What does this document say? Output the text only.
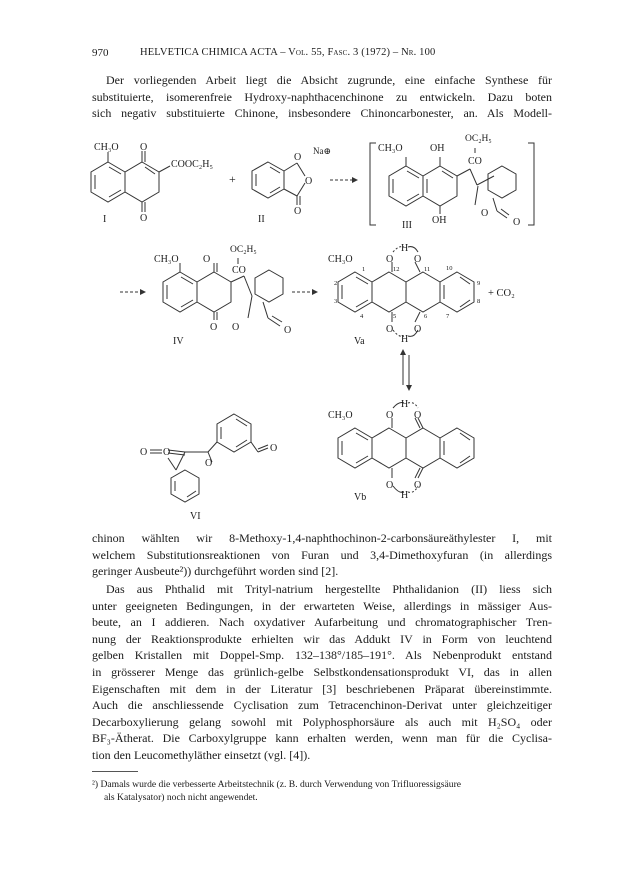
970	HELVETICA CHIMICA ACTA – Vol. 55, Fasc. 3 (1972) – Nr. 100
Der vorliegenden Arbeit liegt die Absicht zugrunde, eine einfache Synthese für
substituierte, isomerenfreie Hydroxy-naphthacenchinone zu entwickeln. Dazu boten
sich negativ substituierte Chinone, insbesondere Chinoncarbonester, an. Als Modell-
CH₃O O
COOC₂H₅
O
I
+
O
Na⊕
O
O
II
CH₃O	OH
OC₂H₅
CO
OH
O
O
III
CH₃O O
OC₂H₅
CO
O O	O
IV
CH₃O	O
H
O
O O
H
+ CO₂
Va
1	12	11 10
2
3
4	5	6	7
8
9
CH₃O	O
H
O
O O
H
Vb
O
O
O
O
VI
chinon wählten wir 8-Methoxy-1,4-naphthochinon-2-carbonsäureäthylester I, mit
welchem Substitutionsreaktionen von Furan und 3,4-Dimethoxyfuran (in allerdings
geringer Ausbeute²)) durchgeführt worden sind [2].
Das aus Phthalid mit Trityl-natrium hergestellte Phthalidanion (II) liess sich
unter geeigneten Bedingungen, in der erwarteten Weise, allerdings in mässiger Aus-
beute, an I addieren. Nach oxydativer Aufarbeitung und chromatographischer Tren-
nung der Reaktionsprodukte erhielten wir das Addukt IV in Form von leuchtend
gelben Kristallen mit Doppel-Smp. 132–138°/185–191°. Als Nebenprodukt entstand
in grösserer Menge das grünlich-gelbe Selbstkondensationsprodukt VI, das in allen
Eigenschaften mit dem in der Literatur [3] beschriebenen Präparat übereinstimmte.
Auch die anschliessende Cyclisation zum Tetracenchinon-Derivat unter gleichzeitiger
Decarboxylierung gelang sowohl mit Polyphosphorsäure als auch mit H₂SO₄ oder
BF₃-Ätherat. Die Carboxylgruppe kann erhalten werden, wenn man für die Cyclisa-
tion den Leucomethyläther einsetzt (vgl. [4]).
²) Damals wurde die verbesserte Arbeitstechnik (z. B. durch Verwendung von Trifluoressigsäure
als Katalysator) noch nicht angewendet.
